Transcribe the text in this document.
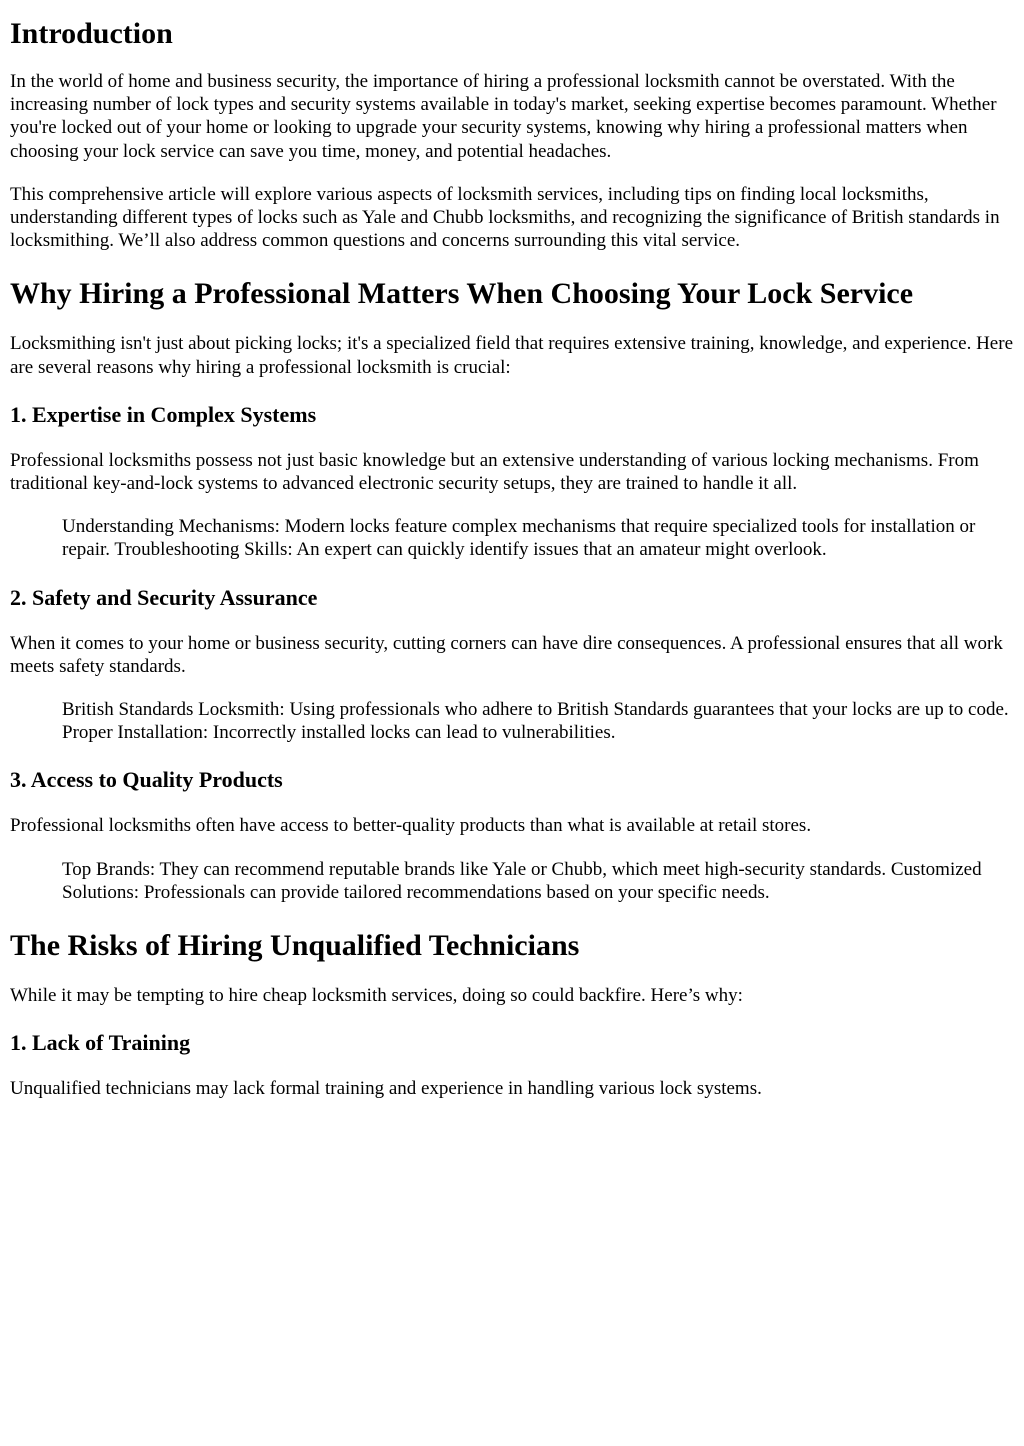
Introduction

In the world of home and business security, the importance of hiring a professional locksmith cannot be overstated. With the increasing number of lock types and security systems available in today's market, seeking expertise becomes paramount. Whether you're locked out of your home or looking to upgrade your security systems, knowing why hiring a professional matters when choosing your lock service can save you time, money, and potential headaches.

This comprehensive article will explore various aspects of locksmith services, including tips on finding local locksmiths, understanding different types of locks such as Yale and Chubb locksmiths, and recognizing the significance of British standards in locksmithing. We’ll also address common questions and concerns surrounding this vital service.

Why Hiring a Professional Matters When Choosing Your Lock Service

Locksmithing isn't just about picking locks; it's a specialized field that requires extensive training, knowledge, and experience. Here are several reasons why hiring a professional locksmith is crucial:

1. Expertise in Complex Systems

Professional locksmiths possess not just basic knowledge but an extensive understanding of various locking mechanisms. From traditional key-and-lock systems to advanced electronic security setups, they are trained to handle it all.

Understanding Mechanisms: Modern locks feature complex mechanisms that require specialized tools for installation or repair. Troubleshooting Skills: An expert can quickly identify issues that an amateur might overlook.
2. Safety and Security Assurance

When it comes to your home or business security, cutting corners can have dire consequences. A professional ensures that all work meets safety standards.

British Standards Locksmith: Using professionals who adhere to British Standards guarantees that your locks are up to code. Proper Installation: Incorrectly installed locks can lead to vulnerabilities.
3. Access to Quality Products

Professional locksmiths often have access to better-quality products than what is available at retail stores.

Top Brands: They can recommend reputable brands like Yale or Chubb, which meet high-security standards. Customized Solutions: Professionals can provide tailored recommendations based on your specific needs.
The Risks of Hiring Unqualified Technicians

While it may be tempting to hire cheap locksmith services, doing so could backfire. Here’s why:

1. Lack of Training

Unqualified technicians may lack formal training and experience in handling various lock systems.
